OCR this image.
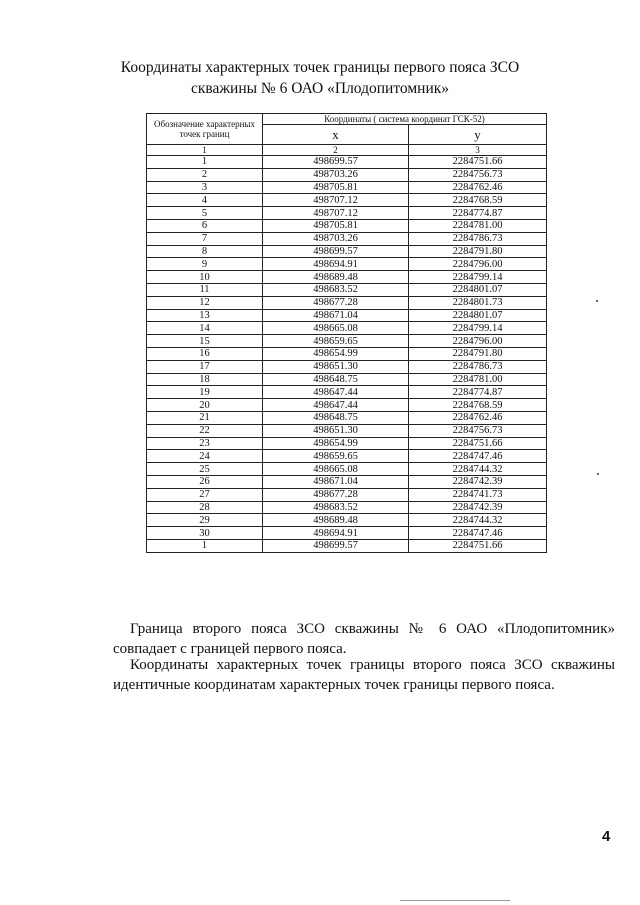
Координаты характерных точек границы первого пояса ЗСО
скважины № 6 ОАО «Плодопитомник»
Обозначение характерных точек границ	Координаты ( система координат ГСК-52)	
	x	у
1	2	3
1	498699.57	2284751.66
2	498703.26	2284756.73
3	498705.81	2284762.46
4	498707.12	2284768.59
5	498707.12	2284774.87
6	498705.81	2284781.00
7	498703.26	2284786.73
8	498699.57	2284791.80
9	498694.91	2284796.00
10	498689.48	2284799.14
11	498683.52	2284801.07
12	498677.28	2284801.73
13	498671.04	2284801.07
14	498665.08	2284799.14
15	498659.65	2284796.00
16	498654.99	2284791.80
17	498651.30	2284786.73
18	498648.75	2284781.00
19	498647.44	2284774.87
20	498647.44	2284768.59
21	498648.75	2284762.46
22	498651.30	2284756.73
23	498654.99	2284751.66
24	498659.65	2284747.46
25	498665.08	2284744.32
26	498671.04	2284742.39
27	498677.28	2284741.73
28	498683.52	2284742.39
29	498689.48	2284744.32
30	498694.91	2284747.46
1	498699.57	2284751.66
Граница второго пояса ЗСО скважины № 6 ОАО «Плодопитомник»
совпадает с границей первого пояса.
Координаты характерных точек границы второго пояса ЗСО скважины
идентичные координатам характерных точек границы первого пояса.
4
